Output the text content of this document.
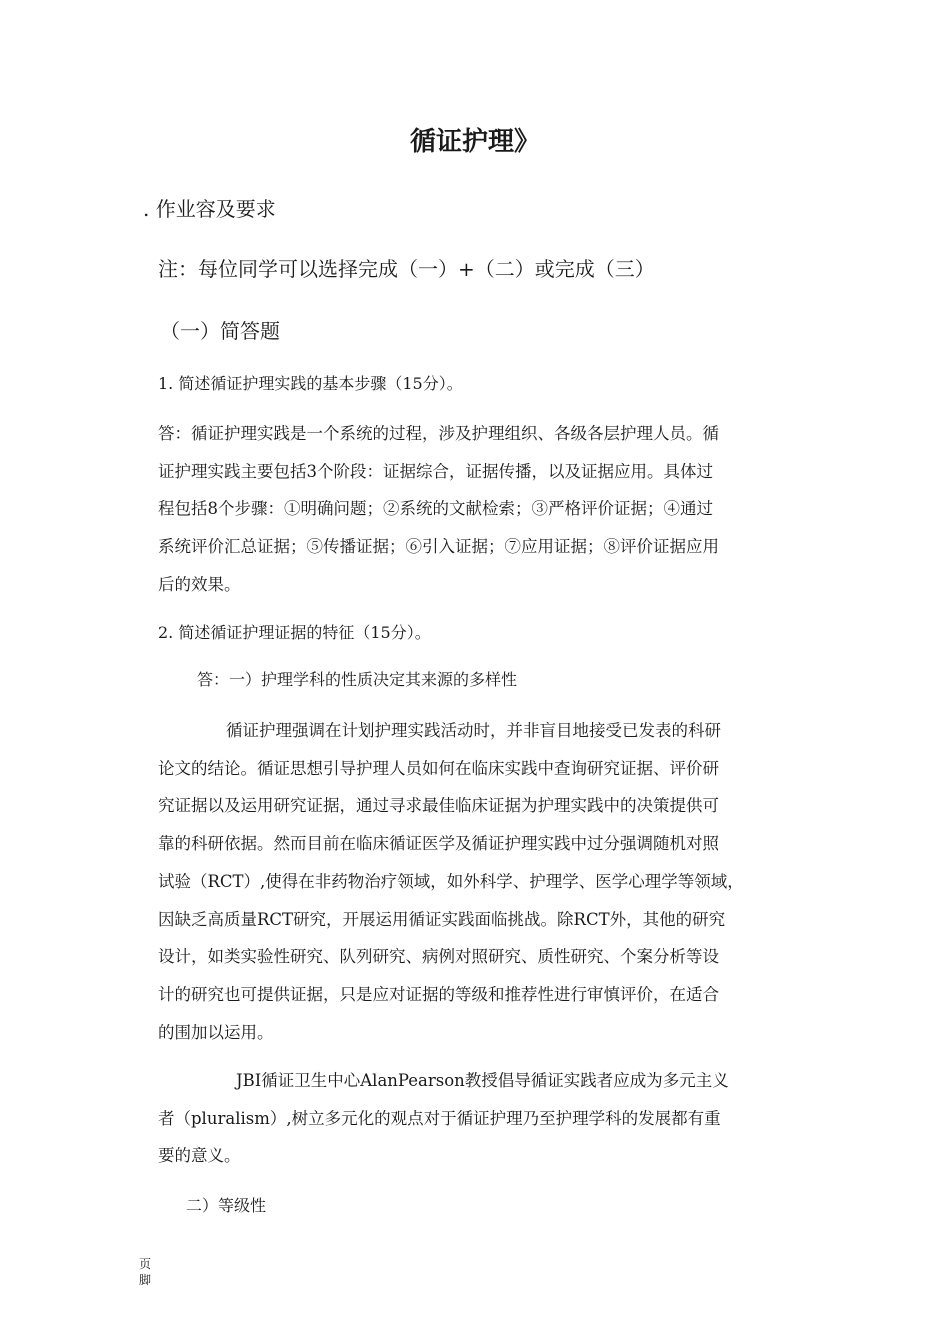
循证护理》
. 作业容及要求
注：每位同学可以选择完成（一）+（二）或完成（三）
（一）简答题
1. 简述循证护理实践的基本步骤（15分）。
答：循证护理实践是一个系统的过程，涉及护理组织、各级各层护理人员。循
证护理实践主要包括3个阶段：证据综合，证据传播，以及证据应用。具体过
程包括8个步骤：①明确问题；②系统的文献检索；③严格评价证据；④通过
系统评价汇总证据；⑤传播证据；⑥引入证据；⑦应用证据；⑧评价证据应用
后的效果。
2. 简述循证护理证据的特征（15分）。
答：一）护理学科的性质决定其来源的多样性
循证护理强调在计划护理实践活动时，并非盲目地接受已发表的科研
论文的结论。循证思想引导护理人员如何在临床实践中查询研究证据、评价研
究证据以及运用研究证据，通过寻求最佳临床证据为护理实践中的决策提供可
靠的科研依据。然而目前在临床循证医学及循证护理实践中过分强调随机对照
试验（RCT）,使得在非药物治疗领域，如外科学、护理学、医学心理学等领域，
因缺乏高质量RCT研究，开展运用循证实践面临挑战。除RCT外，其他的研究
设计，如类实验性研究、队列研究、病例对照研究、质性研究、个案分析等设
计的研究也可提供证据，只是应对证据的等级和推荐性进行审慎评价，在适合
的围加以运用。
JBI循证卫生中心AlanPearson教授倡导循证实践者应成为多元主义
者（pluralism）,树立多元化的观点对于循证护理乃至护理学科的发展都有重
要的意义。
二）等级性
页脚
